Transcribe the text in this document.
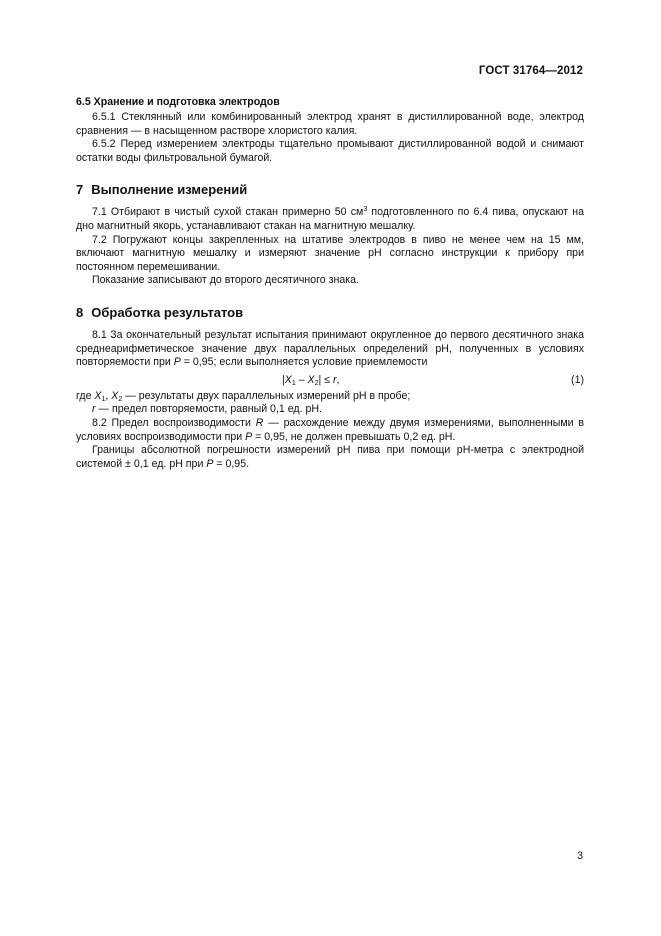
ГОСТ 31764—2012
6.5 Хранение и подготовка электродов

6.5.1 Стеклянный или комбинированный электрод хранят в дистиллированной воде, электрод сравнения — в насыщенном растворе хлористого калия.

6.5.2 Перед измерением электроды тщательно промывают дистиллированной водой и снимают остатки воды фильтровальной бумагой.

7 Выполнение измерений

7.1 Отбирают в чистый сухой стакан примерно 50 $см^3$ подготовленного по 6.4 пива, опускают на дно магнитный якорь, устанавливают стакан на магнитную мешалку.

7.2 Погружают концы закрепленных на штативе электродов в пиво не менее чем на 15 мм, включают магнитную мешалку и измеряют значение рН согласно инструкции к прибору при постоянном перемешивании.

Показание записывают до второго десятичного знака.

8 Обработка результатов

8.1 За окончательный результат испытания принимают округленное до первого десятичного знака среднеарифметическое значение двух параллельных определений рН, полученных в условиях повторяемости при P = 0,95; если выполняется условие приемлемости

$|X_1 - X_2| \le r$,	(1)

где $X_1$, $X_2$ — результаты двух параллельных измерений рН в пробе;

r — предел повторяемости, равный 0,1 ед. рН.

8.2 Предел воспроизводимости R — расхождение между двумя измерениями, выполненными в условиях воспроизводимости при P = 0,95, не должен превышать 0,2 ед. рН.

Границы абсолютной погрешности измерений рН пива при помощи рН-метра с электродной системой ± 0,1 ед. рН при P = 0,95.

3
